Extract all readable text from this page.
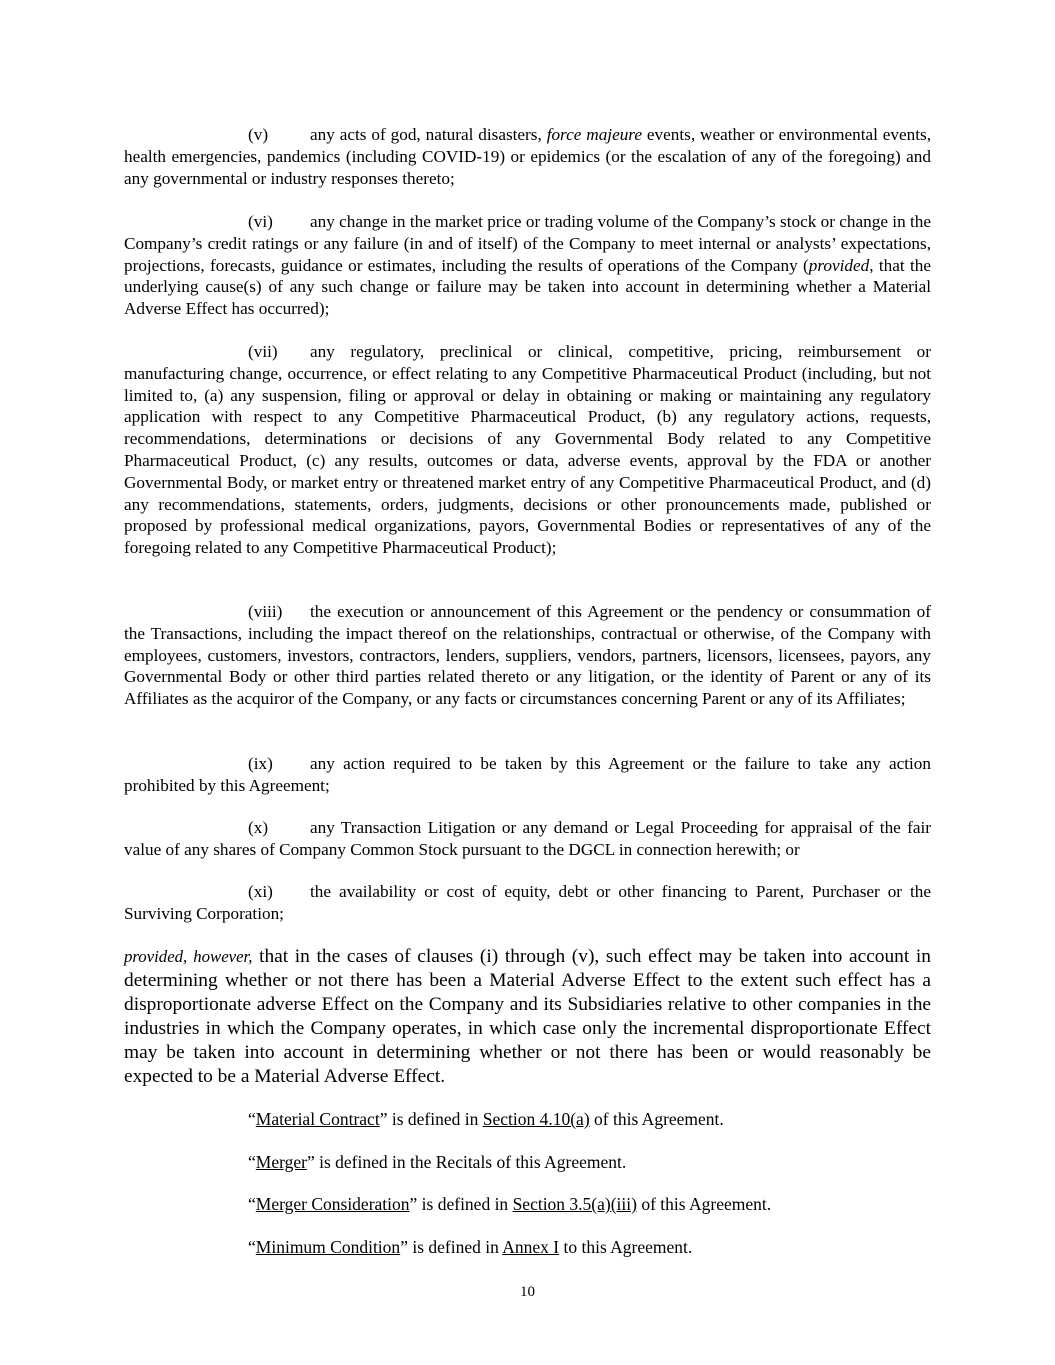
(v) any acts of god, natural disasters, force majeure events, weather or environmental events, health emergencies, pandemics (including COVID-19) or epidemics (or the escalation of any of the foregoing) and any governmental or industry responses thereto;

(vi) any change in the market price or trading volume of the Company’s stock or change in the Company’s credit ratings or any failure (in and of itself) of the Company to meet internal or analysts’ expectations, projections, forecasts, guidance or estimates, including the results of operations of the Company (provided, that the underlying cause(s) of any such change or failure may be taken into account in determining whether a Material Adverse Effect has occurred);

(vii) any regulatory, preclinical or clinical, competitive, pricing, reimbursement or manufacturing change, occurrence, or effect relating to any Competitive Pharmaceutical Product (including, but not limited to, (a) any suspension, filing or approval or delay in obtaining or making or maintaining any regulatory application with respect to any Competitive Pharmaceutical Product, (b) any regulatory actions, requests, recommendations, determinations or decisions of any Governmental Body related to any Competitive Pharmaceutical Product, (c) any results, outcomes or data, adverse events, approval by the FDA or another Governmental Body, or market entry or threatened market entry of any Competitive Pharmaceutical Product, and (d) any recommendations, statements, orders, judgments, decisions or other pronouncements made, published or proposed by professional medical organizations, payors, Governmental Bodies or representatives of any of the foregoing related to any Competitive Pharmaceutical Product);

(viii) the execution or announcement of this Agreement or the pendency or consummation of the Transactions, including the impact thereof on the relationships, contractual or otherwise, of the Company with employees, customers, investors, contractors, lenders, suppliers, vendors, partners, licensors, licensees, payors, any Governmental Body or other third parties related thereto or any litigation, or the identity of Parent or any of its Affiliates as the acquiror of the Company, or any facts or circumstances concerning Parent or any of its Affiliates;

(ix) any action required to be taken by this Agreement or the failure to take any action prohibited by this Agreement;

(x) any Transaction Litigation or any demand or Legal Proceeding for appraisal of the fair value of any shares of Company Common Stock pursuant to the DGCL in connection herewith; or

(xi) the availability or cost of equity, debt or other financing to Parent, Purchaser or the Surviving Corporation;

provided, however, that in the cases of clauses (i) through (v), such effect may be taken into account in determining whether or not there has been a Material Adverse Effect to the extent such effect has a disproportionate adverse Effect on the Company and its Subsidiaries relative to other companies in the industries in which the Company operates, in which case only the incremental disproportionate Effect may be taken into account in determining whether or not there has been or would reasonably be expected to be a Material Adverse Effect.

“Material Contract” is defined in Section 4.10(a) of this Agreement.

“Merger” is defined in the Recitals of this Agreement.

“Merger Consideration” is defined in Section 3.5(a)(iii) of this Agreement.

“Minimum Condition” is defined in Annex I to this Agreement.

10
